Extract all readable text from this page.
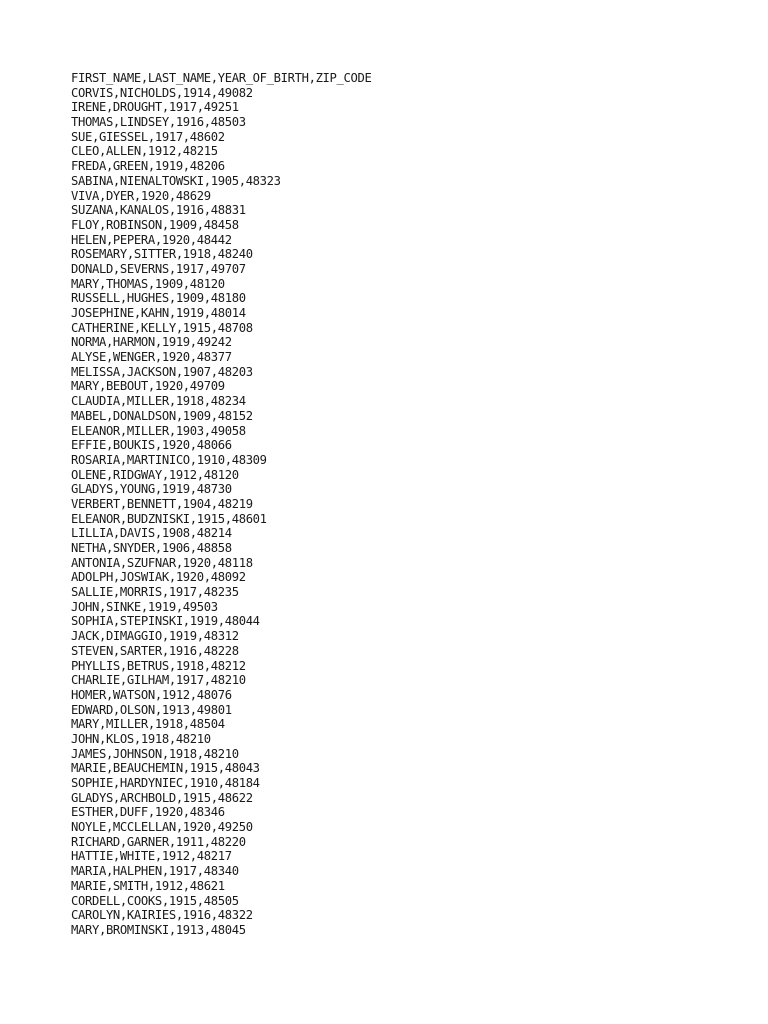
FIRST_NAME,LAST_NAME,YEAR_OF_BIRTH,ZIP_CODE
CORVIS,NICHOLDS,1914,49082
IRENE,DROUGHT,1917,49251
THOMAS,LINDSEY,1916,48503
SUE,GIESSEL,1917,48602
CLEO,ALLEN,1912,48215
FREDA,GREEN,1919,48206
SABINA,NIENALTOWSKI,1905,48323
VIVA,DYER,1920,48629
SUZANA,KANALOS,1916,48831
FLOY,ROBINSON,1909,48458
HELEN,PEPERA,1920,48442
ROSEMARY,SITTER,1918,48240
DONALD,SEVERNS,1917,49707
MARY,THOMAS,1909,48120
RUSSELL,HUGHES,1909,48180
JOSEPHINE,KAHN,1919,48014
CATHERINE,KELLY,1915,48708
NORMA,HARMON,1919,49242
ALYSE,WENGER,1920,48377
MELISSA,JACKSON,1907,48203
MARY,BEBOUT,1920,49709
CLAUDIA,MILLER,1918,48234
MABEL,DONALDSON,1909,48152
ELEANOR,MILLER,1903,49058
EFFIE,BOUKIS,1920,48066
ROSARIA,MARTINICO,1910,48309
OLENE,RIDGWAY,1912,48120
GLADYS,YOUNG,1919,48730
VERBERT,BENNETT,1904,48219
ELEANOR,BUDZNISKI,1915,48601
LILLIA,DAVIS,1908,48214
NETHA,SNYDER,1906,48858
ANTONIA,SZUFNAR,1920,48118
ADOLPH,JOSWIAK,1920,48092
SALLIE,MORRIS,1917,48235
JOHN,SINKE,1919,49503
SOPHIA,STEPINSKI,1919,48044
JACK,DIMAGGIO,1919,48312
STEVEN,SARTER,1916,48228
PHYLLIS,BETRUS,1918,48212
CHARLIE,GILHAM,1917,48210
HOMER,WATSON,1912,48076
EDWARD,OLSON,1913,49801
MARY,MILLER,1918,48504
JOHN,KLOS,1918,48210
JAMES,JOHNSON,1918,48210
MARIE,BEAUCHEMIN,1915,48043
SOPHIE,HARDYNIEC,1910,48184
GLADYS,ARCHBOLD,1915,48622
ESTHER,DUFF,1920,48346
NOYLE,MCCLELLAN,1920,49250
RICHARD,GARNER,1911,48220
HATTIE,WHITE,1912,48217
MARIA,HALPHEN,1917,48340
MARIE,SMITH,1912,48621
CORDELL,COOKS,1915,48505
CAROLYN,KAIRIES,1916,48322
MARY,BROMINSKI,1913,48045
